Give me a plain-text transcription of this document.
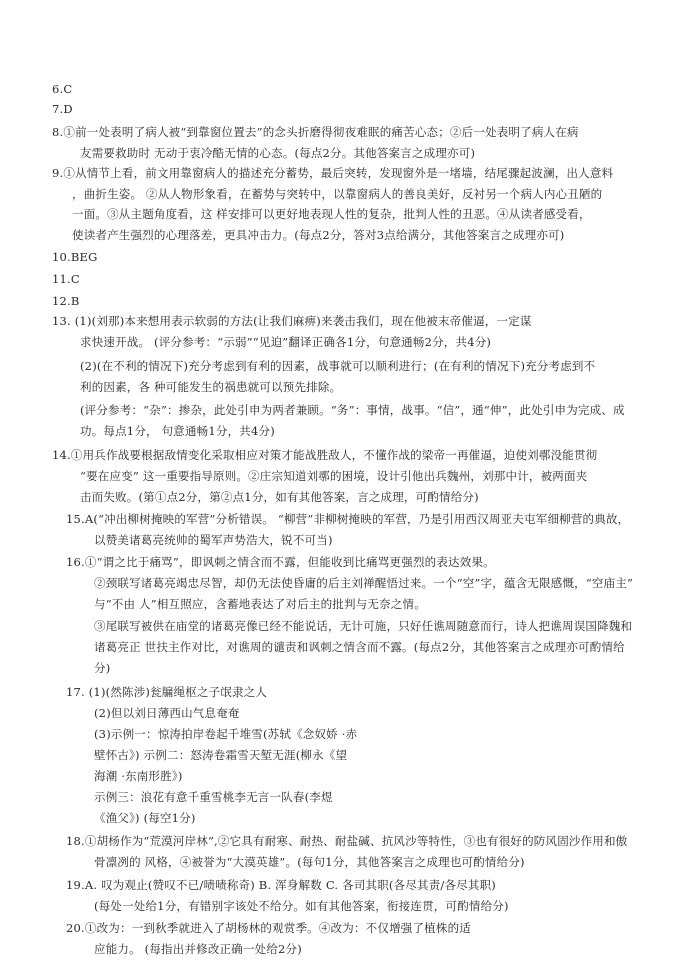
6.C
7.D
8.①前一处表明了病人被“到靠窗位置去”的念头折磨得彻夜难眠的痛苦心态；②后一处表明了病人在病
友需要救助时 无动于衷冷酷无情的心态。(每点2分。其他答案言之成理亦可)
9.①从情节上看，前文用靠窗病人的描述充分蓄势，最后突转，发现窗外是一堵墙，结尾骤起波澜，出人意料
，曲折生姿。 ②从人物形象看，在蓄势与突转中，以靠窗病人的善良美好，反衬另一个病人内心丑陋的
一面。③从主题角度看，这 样安排可以更好地表现人性的复杂，批判人性的丑恶。④从读者感受看，
使读者产生强烈的心理落差，更具冲击力。(每点2分，答对3点给满分，其他答案言之成理亦可)
10.BEG
11.C
12.B
13. (1)(刘那)本来想用表示软弱的方法(让我们麻痹)来袭击我们，现在他被末帝催逼，一定谋
求快速开战。 (评分参考：“示弱”“见迫”翻译正确各1分，句意通畅2分，共4分)
(2)(在不利的情况下)充分考虑到有利的因素，战事就可以顺利进行；(在有利的情况下)充分考虑到不
利的因素，各 种可能发生的祸患就可以预先排除。
(评分参考：“杂”：掺杂，此处引申为两者兼顾。“务”：事情，战事。“信”，通“伸”，此处引申为完成、成
功。每点1分， 句意通畅1分，共4分)
14.①用兵作战要根据敌情变化采取相应对策才能战胜敌人，不懂作战的梁帝一再催逼，迫使刘鄩没能贯彻
“要在应变” 这一重要指导原则。②庄宗知道刘鄩的困境，设计引他出兵魏州，刘那中计，被两面夹
击而失败。(第①点2分，第②点1分，如有其他答案，言之成理，可酌情给分)
15.A(“冲出柳树掩映的军营”分析错误。 “柳营”非柳树掩映的军营，乃是引用西汉周亚夫屯军细柳营的典故，
以赞美诸葛亮统帅的蜀军声势浩大，锐不可当)
16.①“谓之比于痛骂”，即讽刺之情含而不露，但能收到比痛骂更强烈的表达效果。
②颈联写诸葛亮竭忠尽智，却仍无法使昏庸的后主刘禅醒悟过来。一个“空”字，蕴含无限感慨，“空庙主”
与“不由 人”相互照应，含蓄地表达了对后主的批判与无奈之情。
③尾联写被供在庙堂的诸葛亮像已经不能说话，无计可施，只好任谯周随意而行，诗人把谯周误国降魏和
诸葛亮正 世扶主作对比，对谯周的谴责和讽刺之情含而不露。(每点2分，其他答案言之成理亦可酌情给
分)
17. (1)(然陈涉)瓮牖绳枢之子氓隶之人
(2)但以刘日薄西山气息奄奄
(3)示例一：惊涛拍岸卷起千堆雪(苏轼《念奴娇 ·赤
壁怀古》) 示例二：怒涛卷霜雪天堑无涯(柳永《望
海潮 ·东南形胜》)
示例三：浪花有意千重雪桃李无言一队春(李煜
《渔父》) (每空1分)
18.①胡杨作为“荒漠河岸林”,②它具有耐寒、耐热、耐盐碱、抗风沙等特性，③也有很好的防风固沙作用和傲
骨凛冽的 风格，④被誉为“大漠英雄”。(每句1分，其他答案言之成理也可酌情给分)
19.A. 叹为观止(赞叹不已/啧啧称奇) B. 浑身解数 C. 各司其职(各尽其责/各尽其职)
(每处一处给1分，有错别字该处不给分。如有其他答案，衔接连贯，可酌情给分)
20.①改为：一到秋季就进入了胡杨林的观赏季。④改为：不仅增强了植株的适
应能力。 (每指出并修改正确一处给2分)
